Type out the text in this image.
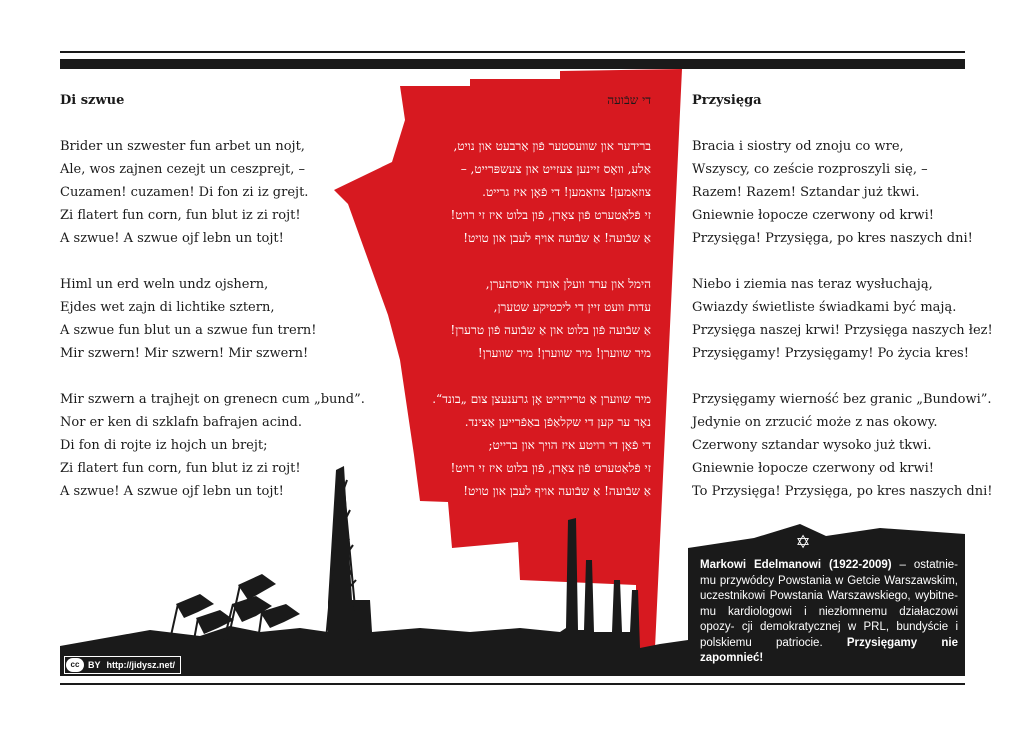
Di szwue
Brider un szwester fun arbet un nojt,
Ale, wos zajnen cezejt un ceszprejt, –
Cuzamen! cuzamen! Di fon zi iz grejt.
Zi flatert fun corn, fun blut iz zi rojt!
A szwue! A szwue ojf lebn un tojt!
Himl un erd weln undz ojshern,
Ejdes wet zajn di lichtike sztern,
A szwue fun blut un a szwue fun trern!
Mir szwern! Mir szwern! Mir szwern!
Mir szwern a trajhejt on grenecn cum „bund”.
Nor er ken di szklafn bafrajen acind.
Di fon di rojte iz hojch un brejt;
Zi flatert fun corn, fun blut iz zi rojt!
A szwue! A szwue ojf lebn un tojt!
די שבֿועה
ברידער און שוועסטער פֿון אַרבעט און נויט,
אַלע, וואָס זיינען צעזייט און צעשפּרייט, –
צוזאַמען! צוזאַמען! די פֿאָן איז גרייט.
זי פֿלאַטערט פֿון צאָרן, פֿון בלוט איז זי רויט!
אַ שבֿועה! אַ שבֿועה אויף לעבן און טויט!
הימל און ערד וועלן אונדז אויסהערן,
עדות וועט זיין די ליכטיקע שטערן,
אַ שבֿועה פֿון בלוט און אַ שבֿועה פֿון טרערן!
מיר שווערן! מיר שווערן! מיר שווערן!
מיר שווערן אַ טרייהייט אָן גרענעצן צום „בונד“.
נאָר ער קען די שקלאַפֿן באַפֿרייען אַצינד.
די פֿאָן די רויטע איז הויך און ברייט;
זי פֿלאַטערט פֿון צאָרן, פֿון בלוט איז זי רויט!
אַ שבֿועה! אַ שבֿועה אויף לעבן און טויט!
Przysięga
Bracia i siostry od znoju co wre,
Wszyscy, co zeście rozproszyli się, –
Razem! Razem! Sztandar już tkwi.
Gniewnie łopocze czerwony od krwi!
Przysięga! Przysięga, po kres naszych dni!
Niebo i ziemia nas teraz wysłuchają,
Gwiazdy świetliste świadkami być mają.
Przysięga naszej krwi! Przysięga naszych łez!
Przysięgamy! Przysięgamy! Po życia kres!
Przysięgamy wierność bez granic „Bundowi”.
Jedynie on zrzucić może z nas okowy.
Czerwony sztandar wysoko już tkwi.
Gniewnie łopocze czerwony od krwi!
To Przysięga! Przysięga, po kres naszych dni!
✡
Markowi Edelmanowi (1922-2009) – ostatnie- mu przywódcy Powstania w Getcie Warszawskim, uczestnikowi Powstania Warszawskiego, wybitne- mu kardiologowi i niezłomnemu działaczowi opozy- cji demokratycznej w PRL, bundyście i polskiemu patriocie. Przysięgamy nie zapomnieć!
cc BY http://jidysz.net/
